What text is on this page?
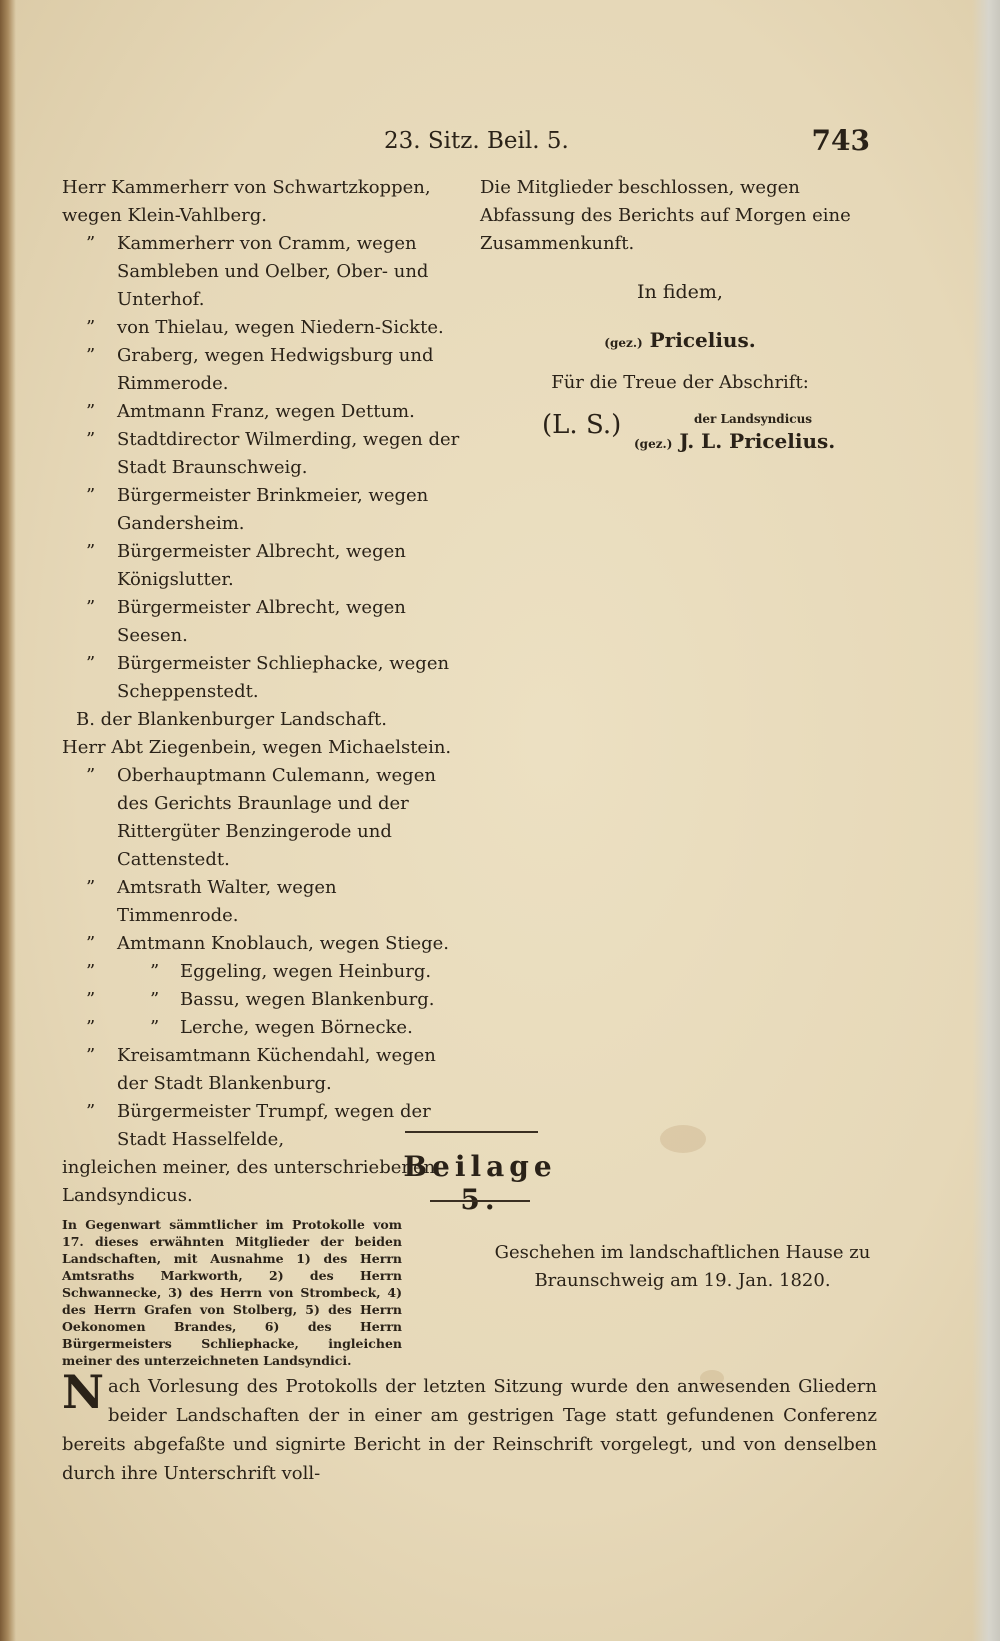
23. Sitz. Beil. 5.	743
Herr Kammerherr von Schwartzkoppen, wegen Klein-Vahlberg.
” Kammerherr von Cramm, wegen Sambleben und Oelber, Ober- und Unterhof.
” von Thielau, wegen Niedern-Sickte.
” Graberg, wegen Hedwigsburg und Rimmerode.
” Amtmann Franz, wegen Dettum.
” Stadtdirector Wilmerding, wegen der Stadt Braunschweig.
” Bürgermeister Brinkmeier, wegen Gandersheim.
” Bürgermeister Albrecht, wegen Königslutter.
” Bürgermeister Albrecht, wegen Seesen.
” Bürgermeister Schliephacke, wegen Scheppenstedt.
B. der Blankenburger Landschaft.
Herr Abt Ziegenbein, wegen Michaelstein.
” Oberhauptmann Culemann, wegen des Gerichts Braunlage und der Rittergüter Benzingerode und Cattenstedt.
” Amtsrath Walter, wegen Timmenrode.
” Amtmann Knoblauch, wegen Stiege.
”	” Eggeling, wegen Heinburg.
”	” Bassu, wegen Blankenburg.
”	” Lerche, wegen Börnecke.
” Kreisamtmann Küchendahl, wegen der Stadt Blankenburg.
” Bürgermeister Trumpf, wegen der Stadt Hasselfelde,
ingleichen meiner, des unterschriebenen Landsyndicus.

Die Mitglieder beschlossen, wegen Abfassung des Berichts auf Morgen eine Zusammenkunft.

In fidem,
(gez.) Pricelius.
Für die Treue der Abschrift:
(L. S.)	der Landsyndicus
(gez.) J. L. Pricelius.
Beilage 5.
In Gegenwart sämmtlicher im Protokolle vom 17. dieses erwähnten Mitglieder der beiden Landschaften, mit Ausnahme 1) des Herrn Amtsraths Markworth, 2) des Herrn Schwannecke, 3) des Herrn von Strombeck, 4) des Herrn Grafen von Stolberg, 5) des Herrn Oekonomen Brandes, 6) des Herrn Bürgermeisters Schliephacke, ingleichen meiner des unterzeichneten Landsyndici.
Geschehen im landschaftlichen Hause zu Braunschweig am 19. Jan. 1820.
Nach Vorlesung des Protokolls der letzten Sitzung wurde den anwesenden Gliedern beider Landschaften der in einer am gestrigen Tage statt gefundenen Conferenz bereits abgefaßte und signirte Bericht in der Reinschrift vorgelegt, und von denselben durch ihre Unterschrift voll-
